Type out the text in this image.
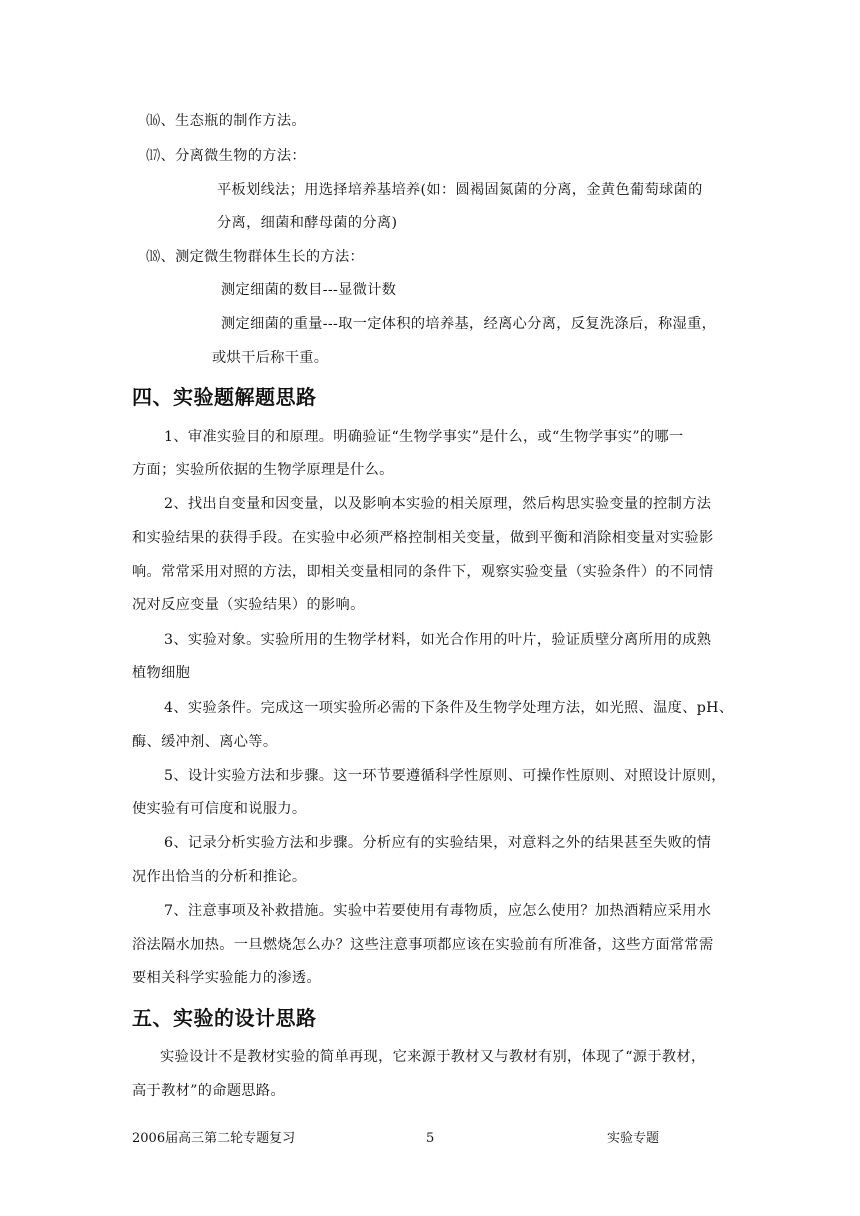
⒃、生态瓶的制作方法。
⒄、分离微生物的方法：
平板划线法；用选择培养基培养(如：圆褐固氮菌的分离，金黄色葡萄球菌的
分离，细菌和酵母菌的分离)
⒅、测定微生物群体生长的方法：
测定细菌的数目---显微计数
测定细菌的重量---取一定体积的培养基，经离心分离，反复洗涤后，称湿重，
或烘干后称干重。
四、实验题解题思路
1、审准实验目的和原理。明确验证“生物学事实”是什么，或“生物学事实”的哪一
方面；实验所依据的生物学原理是什么。
2、找出自变量和因变量，以及影响本实验的相关原理，然后构思实验变量的控制方法
和实验结果的获得手段。在实验中必须严格控制相关变量，做到平衡和消除相变量对实验影
响。常常采用对照的方法，即相关变量相同的条件下，观察实验变量（实验条件）的不同情
况对反应变量（实验结果）的影响。
3、实验对象。实验所用的生物学材料，如光合作用的叶片，验证质壁分离所用的成熟
植物细胞
4、实验条件。完成这一项实验所必需的下条件及生物学处理方法，如光照、温度、pH、
酶、缓冲剂、离心等。
5、设计实验方法和步骤。这一环节要遵循科学性原则、可操作性原则、对照设计原则，
使实验有可信度和说服力。
6、记录分析实验方法和步骤。分析应有的实验结果，对意料之外的结果甚至失败的情
况作出恰当的分析和推论。
7、注意事项及补救措施。实验中若要使用有毒物质，应怎么使用？加热酒精应采用水
浴法隔水加热。一旦燃烧怎么办？这些注意事项都应该在实验前有所准备，这些方面常常需
要相关科学实验能力的渗透。
五、实验的设计思路
实验设计不是教材实验的简单再现，它来源于教材又与教材有别，体现了“源于教材，
高于教材”的命题思路。
2006届高三第二轮专题复习	5	实验专题
